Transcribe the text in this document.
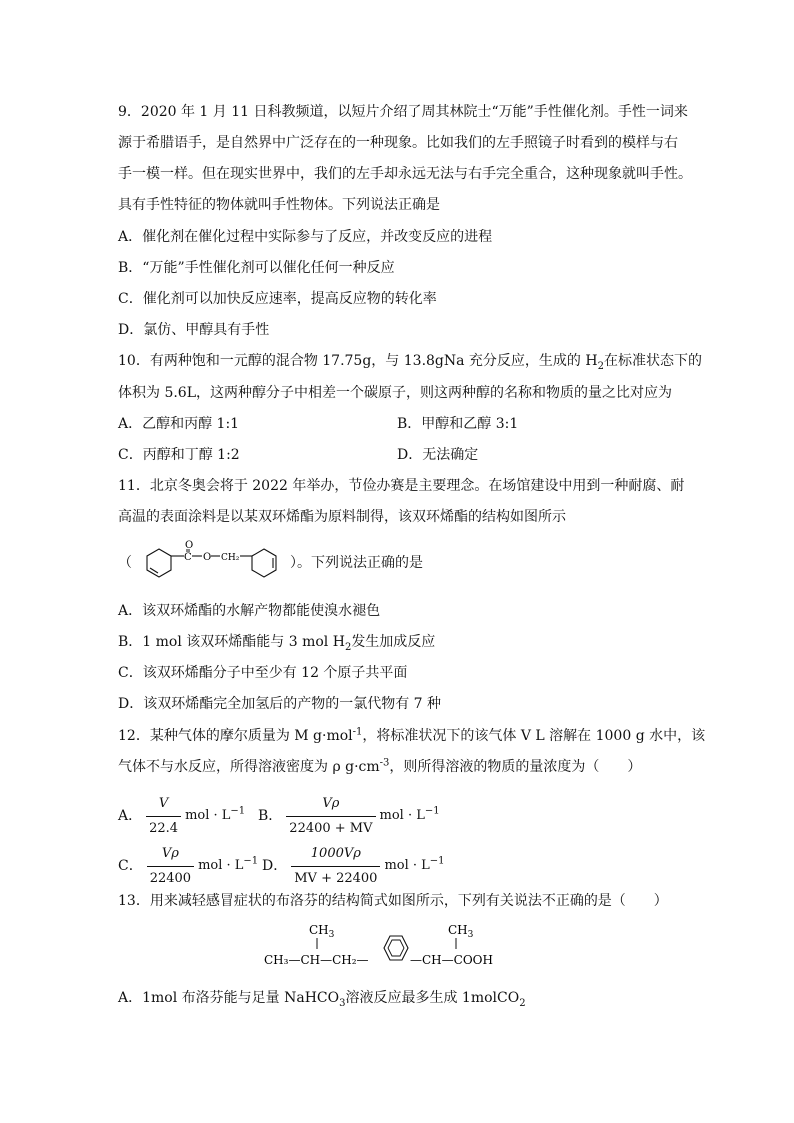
9．2020 年 1 月 11 日科教频道，以短片介绍了周其林院士“万能”手性催化剂。手性一词来
源于希腊语手，是自然界中广泛存在的一种现象。比如我们的左手照镜子时看到的模样与右
手一模一样。但在现实世界中，我们的左手却永远无法与右手完全重合，这种现象就叫手性。
具有手性特征的物体就叫手性物体。下列说法正确是
A．催化剂在催化过程中实际参与了反应，并改变反应的进程
B．“万能”手性催化剂可以催化任何一种反应
C．催化剂可以加快反应速率，提高反应物的转化率
D．氯仿、甲醇具有手性
10．有两种饱和一元醇的混合物 17.75g，与 13.8gNa 充分反应，生成的 $H_2$在标准状态下的
体积为 5.6L，这两种醇分子中相差一个碳原子，则这两种醇的名称和物质的量之比对应为
A．乙醇和丙醇 1:1	B．甲醇和乙醇 3:1
C．丙醇和丁醇 1:2	D．无法确定
11．北京冬奥会将于 2022 年举办，节俭办赛是主要理念。在场馆建设中用到一种耐腐、耐
高温的表面涂料是以某双环烯酯为原料制得，该双环烯酯的结构如图所示
（
O
C O CH₂	）。下列说法正确的是
A．该双环烯酯的水解产物都能使溴水褪色
B．1 mol 该双环烯酯能与 3 mol $H_2$发生加成反应
C．该双环烯酯分子中至少有 12 个原子共平面
D．该双环烯酯完全加氢后的产物的一氯代物有 7 种
12．某种气体的摩尔质量为 M g·mol$^{-1}$，将标准状况下的该气体 V L 溶解在 1000 g 水中，该
气体不与水反应，所得溶液密度为 ρ $g\cdot cm^{-3}$，则所得溶液的物质的量浓度为（　　）
A． $\frac{V}{22.4}$ mol · $L^{-1}$ B． $\frac{V\rho}{22400 + MV}$ mol · $L^{-1}$
C． $\frac{V\rho}{22400}$ mol · $L^{-1}$ D． $\frac{1000V\rho}{MV + 22400}$ mol · $L^{-1}$
13．用来减轻感冒症状的布洛芬的结构简式如图所示，下列有关说法不正确的是（　　）
$CH_3$
CH₃—CH—CH₂—
$CH_3$
—CH—COOH
A．1mol 布洛芬能与足量 NaHCO$_3$溶液反应最多生成 1molCO$_2$
